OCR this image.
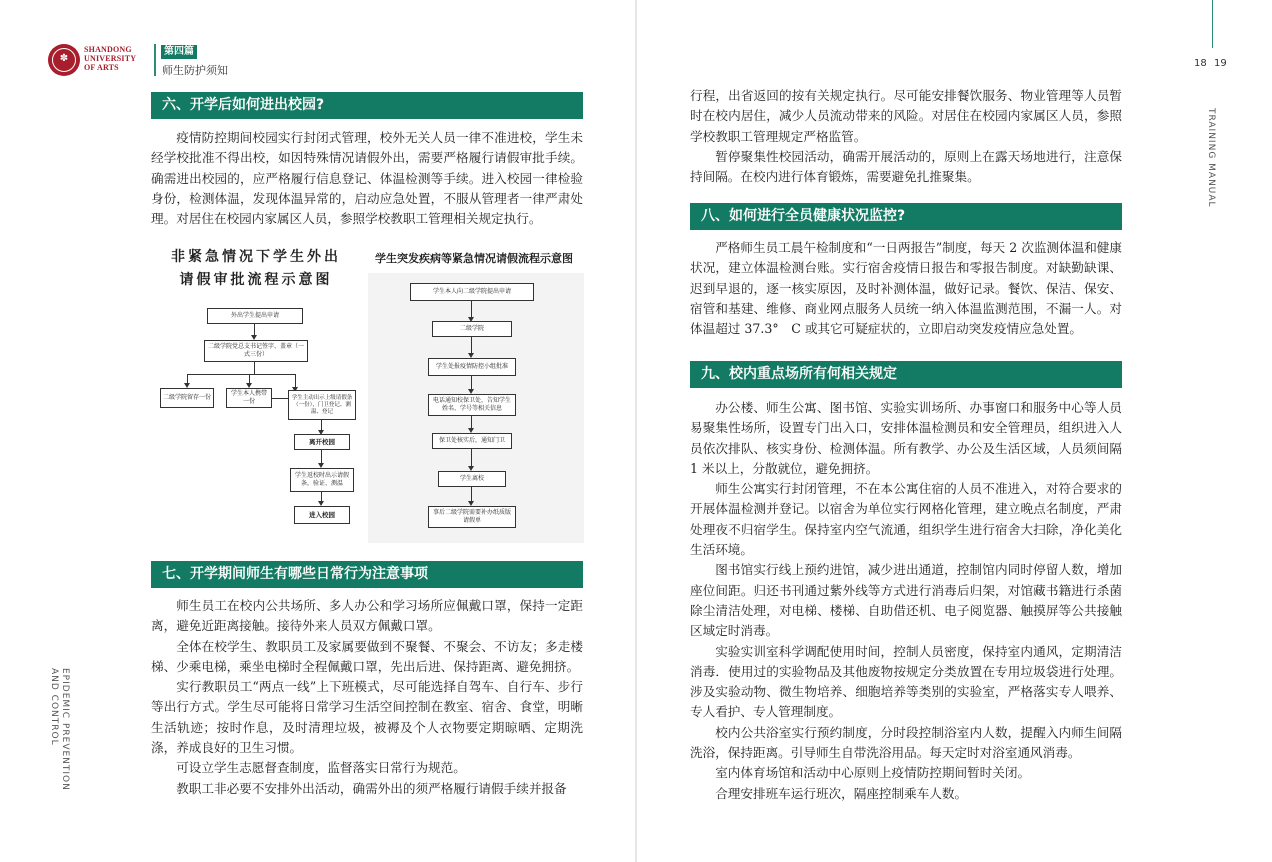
✽
SHANDONG
UNIVERSITY
OF ARTS
第四篇
师生防护须知
18 19
TRAINING MANUAL
EPIDEMIC PREVENTION
AND CONTROL
六、开学后如何进出校园?

疫情防控期间校园实行封闭式管理，校外无关人员一律不准进校，学生未经学校批准不得出校，如因特殊情况请假外出，需要严格履行请假审批手续。确需进出校园的，应严格履行信息登记、体温检测等手续。进入校园一律检验身份，检测体温，发现体温异常的，启动应急处置，不服从管理者一律严肃处理。对居住在校园内家属区人员，参照学校教职工管理相关规定执行。

非紧急情况下学生外出
请假审批流程示意图
外出学生提出申请
二级学院党总支书记签字、盖章（一式三份）
二级学院留存一份
学生本人携带一份
学生主动出示上级请假条（一份），门卫登记、测温、登记
离开校园
学生返校时出示请假条，验证、测温
进入校园
学生突发疾病等紧急情况请假流程示意图
学生本人向二级学院提出申请
二级学院
学生处报疫情防控小组批准
电话通知校保卫处，告知学生姓名、学号等相关信息
保卫处核实后，通知门卫
学生离校
事后二级学院需要补办纸质版请假单
七、开学期间师生有哪些日常行为注意事项

师生员工在校内公共场所、多人办公和学习场所应佩戴口罩，保持一定距离，避免近距离接触。接待外来人员双方佩戴口罩。

全体在校学生、教职员工及家属要做到不聚餐、不聚会、不访友；多走楼梯、少乘电梯，乘坐电梯时全程佩戴口罩，先出后进、保持距离、避免拥挤。

实行教职员工“两点一线”上下班模式，尽可能选择自驾车、自行车、步行等出行方式。学生尽可能将日常学习生活空间控制在教室、宿舍、食堂，明晰生活轨迹；按时作息，及时清理垃圾，被褥及个人衣物要定期晾晒、定期洗涤，养成良好的卫生习惯。

可设立学生志愿督查制度，监督落实日常行为规范。

教职工非必要不安排外出活动，确需外出的须严格履行请假手续并报备

行程，出省返回的按有关规定执行。尽可能安排餐饮服务、物业管理等人员暂时在校内居住，减少人员流动带来的风险。对居住在校园内家属区人员，参照学校教职工管理规定严格监管。

暂停聚集性校园活动，确需开展活动的，原则上在露天场地进行，注意保持间隔。在校内进行体育锻炼，需要避免扎推聚集。

八、如何进行全员健康状况监控?

严格师生员工晨午检制度和“一日两报告”制度，每天 2 次监测体温和健康状况，建立体温检测台账。实行宿舍疫情日报告和零报告制度。对缺勤缺课、迟到早退的，逐一核实原因，及时补测体温，做好记录。餐饮、保洁、保安、宿管和基建、维修、商业网点服务人员统一纳入体温监测范围，不漏一人。对体温超过 37.3°　C 或其它可疑症状的，立即启动突发疫情应急处置。

九、校内重点场所有何相关规定

办公楼、师生公寓、图书馆、实验实训场所、办事窗口和服务中心等人员易聚集性场所，设置专门出入口，安排体温检测员和安全管理员，组织进入人员依次排队、核实身份、检测体温。所有教学、办公及生活区域，人员须间隔 1 米以上，分散就位，避免拥挤。

师生公寓实行封闭管理，不在本公寓住宿的人员不准进入，对符合要求的开展体温检测并登记。以宿舍为单位实行网格化管理，建立晚点名制度，严肃处理夜不归宿学生。保持室内空气流通，组织学生进行宿舍大扫除，净化美化生活环境。

图书馆实行线上预约进馆，减少进出通道，控制馆内同时停留人数，增加座位间距。归还书刊通过紫外线等方式进行消毒后归架，对馆藏书籍进行杀菌除尘清洁处理，对电梯、楼梯、自助借还机、电子阅览器、触摸屏等公共接触区域定时消毒。

实验实训室科学调配使用时间，控制人员密度，保持室内通风，定期清洁消毒．使用过的实验物品及其他废物按规定分类放置在专用垃圾袋进行处理。涉及实验动物、微生物培养、细胞培养等类别的实验室，严格落实专人喂养、专人看护、专人管理制度。

校内公共浴室实行预约制度，分时段控制浴室内人数，提醒入内师生间隔洗浴，保持距离。引导师生自带洗浴用品。每天定时对浴室通风消毒。

室内体育场馆和活动中心原则上疫情防控期间暂时关闭。

合理安排班车运行班次，隔座控制乘车人数。
